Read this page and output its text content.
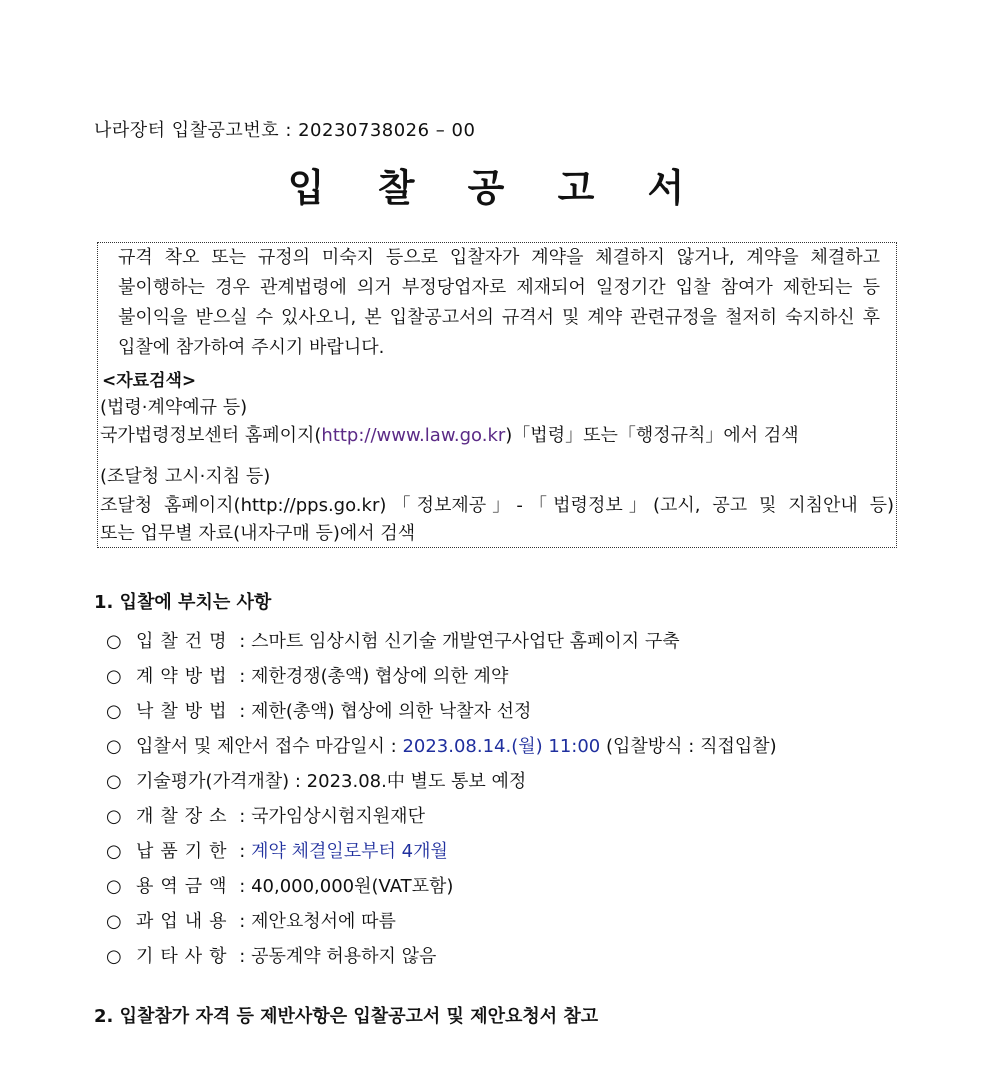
나라장터 입찰공고번호 : 20230738026 – 00
입 찰 공 고 서
규격 착오 또는 규정의 미숙지 등으로 입찰자가 계약을 체결하지 않거나, 계약을 체결하고 불이행하는 경우 관계법령에 의거 부정당업자로 제재되어 일정기간 입찰 참여가 제한되는 등 불이익을 받으실 수 있사오니, 본 입찰공고서의 규격서 및 계약 관련규정을 철저히 숙지하신 후 입찰에 참가하여 주시기 바랍니다.
<자료검색>
(법령·계약예규 등)
국가법령정보센터 홈페이지(http://www.law.go.kr)「법령」또는「행정규칙」에서 검색
(조달청 고시·지침 등)
조달청 홈페이지(http://pps.go.kr)「정보제공」-「법령정보」(고시, 공고 및 지침안내 등)
또는 업무별 자료(내자구매 등)에서 검색
1. 입찰에 부치는 사항
○ 입찰건명 : 스마트 임상시험 신기술 개발연구사업단 홈페이지 구축
○ 계약방법 : 제한경쟁(총액) 협상에 의한 계약
○ 낙찰방법 : 제한(총액) 협상에 의한 낙찰자 선정
○ 입찰서 및 제안서 접수 마감일시 : 2023.08.14.(월) 11:00 (입찰방식 : 직접입찰)
○ 기술평가(가격개찰) : 2023.08.中 별도 통보 예정
○ 개찰장소 : 국가임상시험지원재단
○ 납품기한 : 계약 체결일로부터 4개월
○ 용역금액 : 40,000,000원(VAT포함)
○ 과업내용 : 제안요청서에 따름
○ 기타사항 : 공동계약 허용하지 않음
2. 입찰참가 자격 등 제반사항은 입찰공고서 및 제안요청서 참고
